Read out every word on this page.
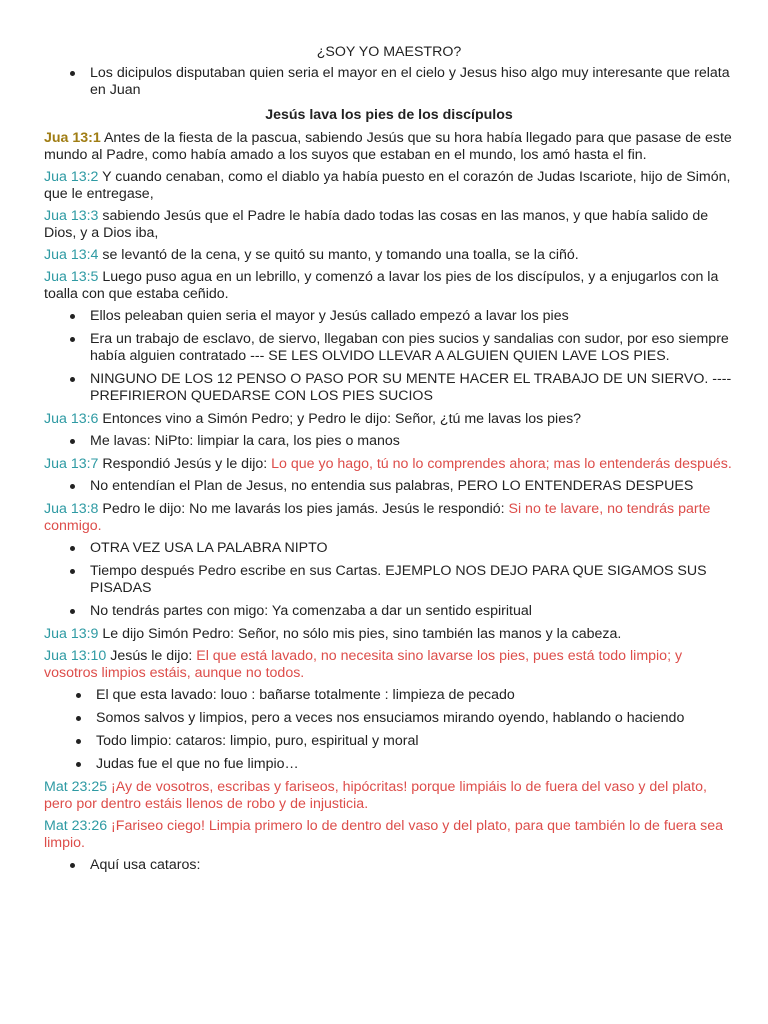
¿SOY YO MAESTRO?
Los dicipulos disputaban quien seria el mayor en el cielo y Jesus hiso algo muy interesante que relata en Juan
Jesús lava los pies de los discípulos

Jua 13:1 Antes de la fiesta de la pascua, sabiendo Jesús que su hora había llegado para que pasase de este mundo al Padre, como había amado a los suyos que estaban en el mundo, los amó hasta el fin.

Jua 13:2 Y cuando cenaban, como el diablo ya había puesto en el corazón de Judas Iscariote, hijo de Simón, que le entregase,

Jua 13:3 sabiendo Jesús que el Padre le había dado todas las cosas en las manos, y que había salido de Dios, y a Dios iba,

Jua 13:4 se levantó de la cena, y se quitó su manto, y tomando una toalla, se la ciñó.

Jua 13:5 Luego puso agua en un lebrillo, y comenzó a lavar los pies de los discípulos, y a enjugarlos con la toalla con que estaba ceñido.

Ellos peleaban quien seria el mayor y Jesús callado empezó a lavar los pies
Era un trabajo de esclavo, de siervo, llegaban con pies sucios y sandalias con sudor, por eso siempre había alguien contratado --- SE LES OLVIDO LLEVAR A ALGUIEN QUIEN LAVE LOS PIES.
NINGUNO DE LOS 12 PENSO O PASO POR SU MENTE HACER EL TRABAJO DE UN SIERVO. ---- PREFIRIERON QUEDARSE CON LOS PIES SUCIOS

Jua 13:6 Entonces vino a Simón Pedro; y Pedro le dijo: Señor, ¿tú me lavas los pies?

Me lavas: NiPto: limpiar la cara, los pies o manos

Jua 13:7 Respondió Jesús y le dijo: Lo que yo hago, tú no lo comprendes ahora; mas lo entenderás después.

No entendían el Plan de Jesus, no entendia sus palabras, PERO LO ENTENDERAS DESPUES

Jua 13:8 Pedro le dijo: No me lavarás los pies jamás. Jesús le respondió: Si no te lavare, no tendrás parte conmigo.

OTRA VEZ USA LA PALABRA NIPTO
Tiempo después Pedro escribe en sus Cartas. EJEMPLO NOS DEJO PARA QUE SIGAMOS SUS PISADAS
No tendrás partes con migo: Ya comenzaba a dar un sentido espiritual

Jua 13:9 Le dijo Simón Pedro: Señor, no sólo mis pies, sino también las manos y la cabeza.

Jua 13:10 Jesús le dijo: El que está lavado, no necesita sino lavarse los pies, pues está todo limpio; y vosotros limpios estáis, aunque no todos.

El que esta lavado: louo : bañarse totalmente : limpieza de pecado
Somos salvos y limpios, pero a veces nos ensuciamos mirando oyendo, hablando o haciendo
Todo limpio: cataros: limpio, puro, espiritual y moral
Judas fue el que no fue limpio…

Mat 23:25 ¡Ay de vosotros, escribas y fariseos, hipócritas! porque limpiáis lo de fuera del vaso y del plato, pero por dentro estáis llenos de robo y de injusticia.

Mat 23:26 ¡Fariseo ciego! Limpia primero lo de dentro del vaso y del plato, para que también lo de fuera sea limpio.

Aquí usa cataros:
